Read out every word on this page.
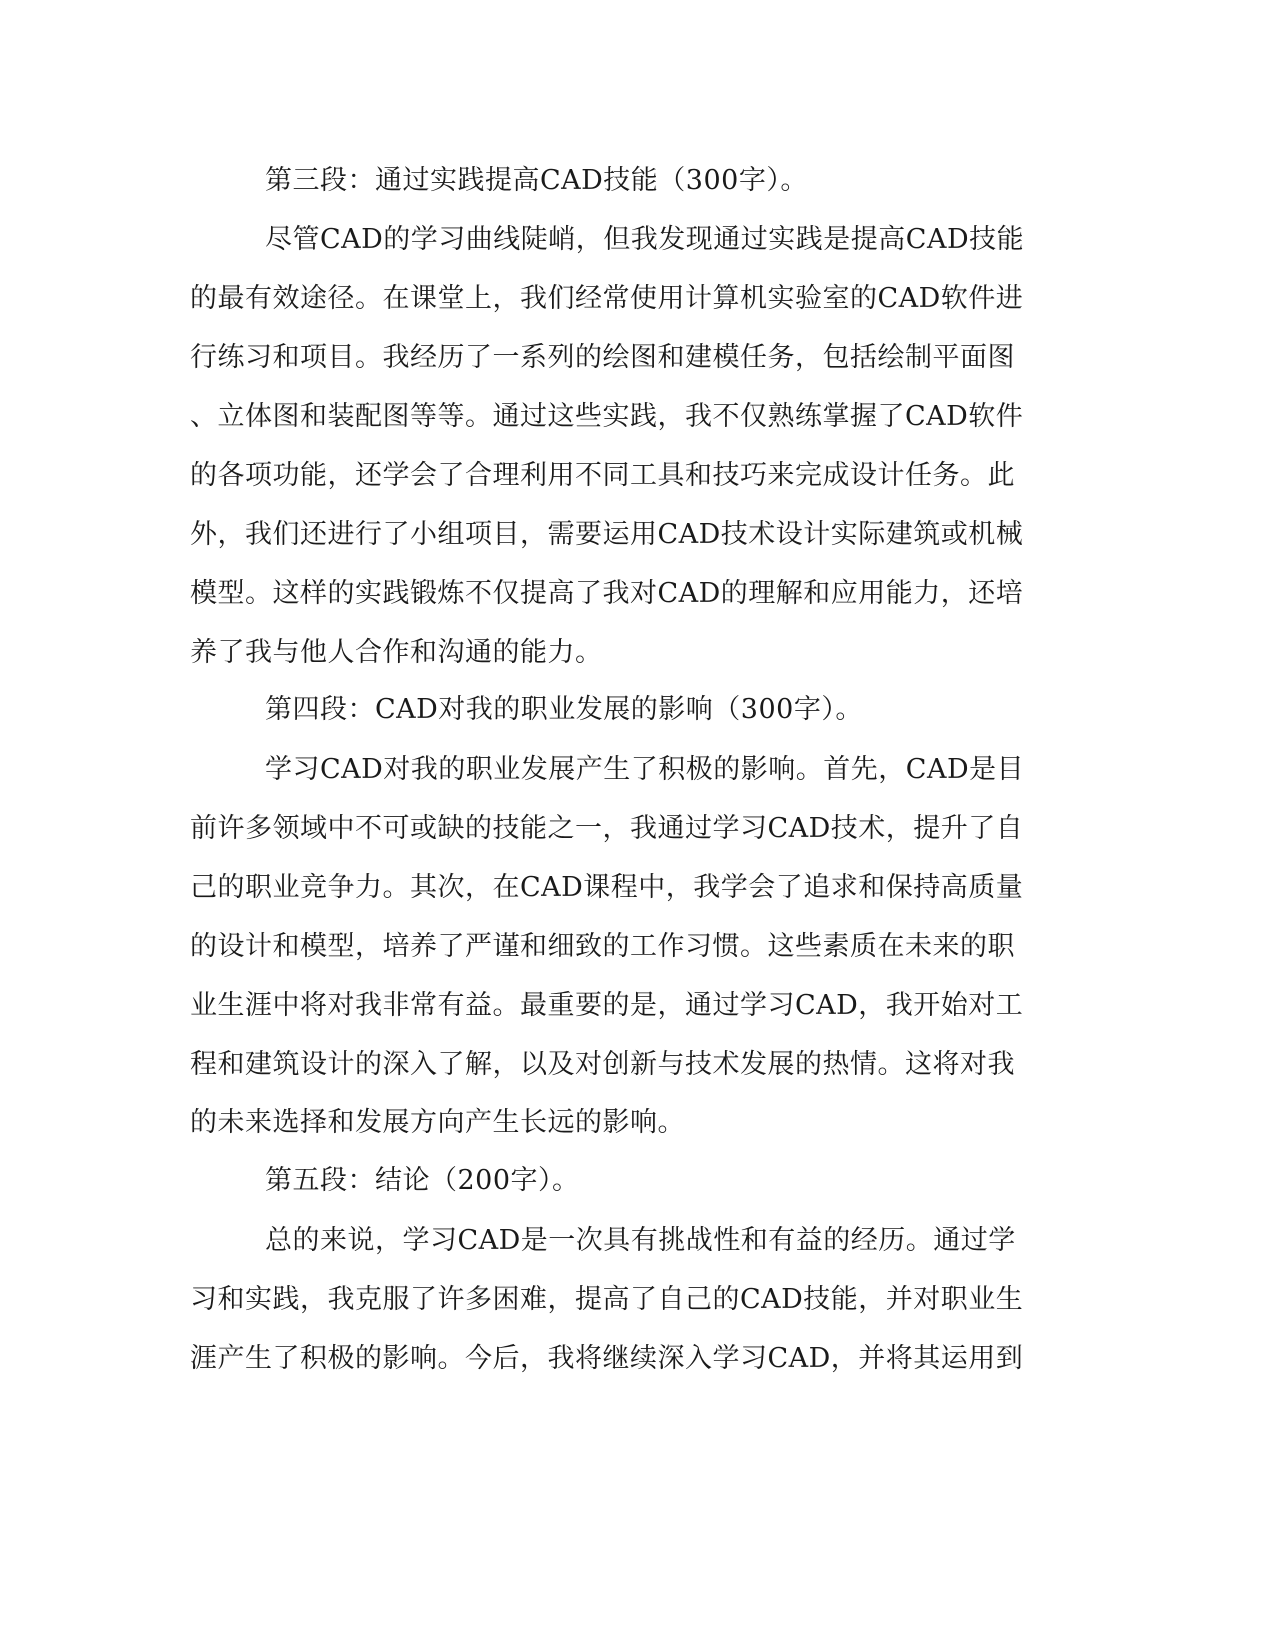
第三段：通过实践提高CAD技能（300字）。

尽管CAD的学习曲线陡峭，但我发现通过实践是提高CAD技能

的最有效途径。在课堂上，我们经常使用计算机实验室的CAD软件进

行练习和项目。我经历了一系列的绘图和建模任务，包括绘制平面图

、立体图和装配图等等。通过这些实践，我不仅熟练掌握了CAD软件

的各项功能，还学会了合理利用不同工具和技巧来完成设计任务。此

外，我们还进行了小组项目，需要运用CAD技术设计实际建筑或机械

模型。这样的实践锻炼不仅提高了我对CAD的理解和应用能力，还培

养了我与他人合作和沟通的能力。

第四段：CAD对我的职业发展的影响（300字）。

学习CAD对我的职业发展产生了积极的影响。首先，CAD是目

前许多领域中不可或缺的技能之一，我通过学习CAD技术，提升了自

己的职业竞争力。其次，在CAD课程中，我学会了追求和保持高质量

的设计和模型，培养了严谨和细致的工作习惯。这些素质在未来的职

业生涯中将对我非常有益。最重要的是，通过学习CAD，我开始对工

程和建筑设计的深入了解，以及对创新与技术发展的热情。这将对我

的未来选择和发展方向产生长远的影响。

第五段：结论（200字）。

总的来说，学习CAD是一次具有挑战性和有益的经历。通过学

习和实践，我克服了许多困难，提高了自己的CAD技能，并对职业生

涯产生了积极的影响。今后，我将继续深入学习CAD，并将其运用到
